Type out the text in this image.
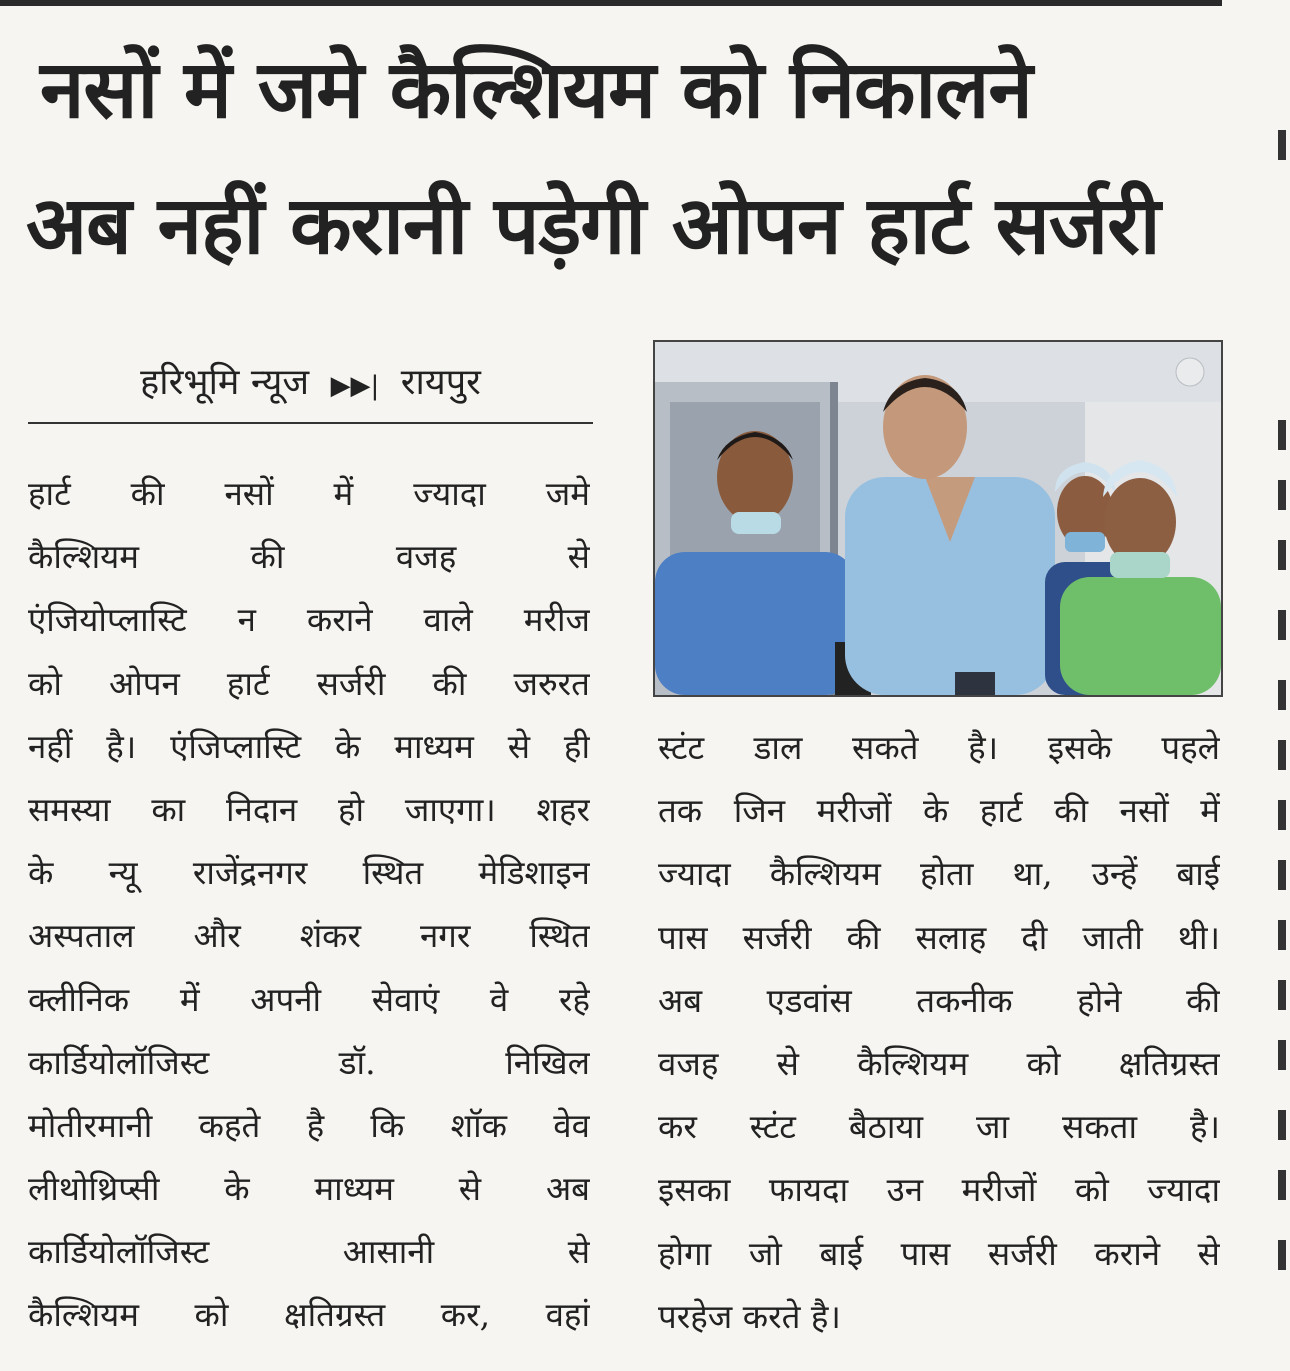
नसों में जमे कैल्शियम को निकालने
अब नहीं करानी पड़ेगी ओपन हार्ट सर्जरी
हरिभूमि न्यूज ▶▶| रायपुर
हार्ट की नसों में ज्यादा जमे
कैल्शियम की वजह से
एंजियोप्लास्टि न कराने वाले मरीज
को ओपन हार्ट सर्जरी की जरुरत
नहीं है। एंजिप्लास्टि के माध्यम से ही
समस्या का निदान हो जाएगा। शहर
के न्यू राजेंद्रनगर स्थित मेडिशाइन
अस्पताल और शंकर नगर स्थित
क्लीनिक में अपनी सेवाएं वे रहे
कार्डियोलॉजिस्ट डॉ. निखिल
मोतीरमानी कहते है कि शॉक वेव
लीथोथ्रिप्सी के माध्यम से अब
कार्डियोलॉजिस्ट आसानी से
कैल्शियम को क्षतिग्रस्त कर, वहां
स्टंट डाल सकते है। इसके पहले
तक जिन मरीजों के हार्ट की नसों में
ज्यादा कैल्शियम होता था, उन्हें बाई
पास सर्जरी की सलाह दी जाती थी।
अब एडवांस तकनीक होने की
वजह से कैल्शियम को क्षतिग्रस्त
कर स्टंट बैठाया जा सकता है।
इसका फायदा उन मरीजों को ज्यादा
होगा जो बाई पास सर्जरी कराने से
परहेज करते है।
